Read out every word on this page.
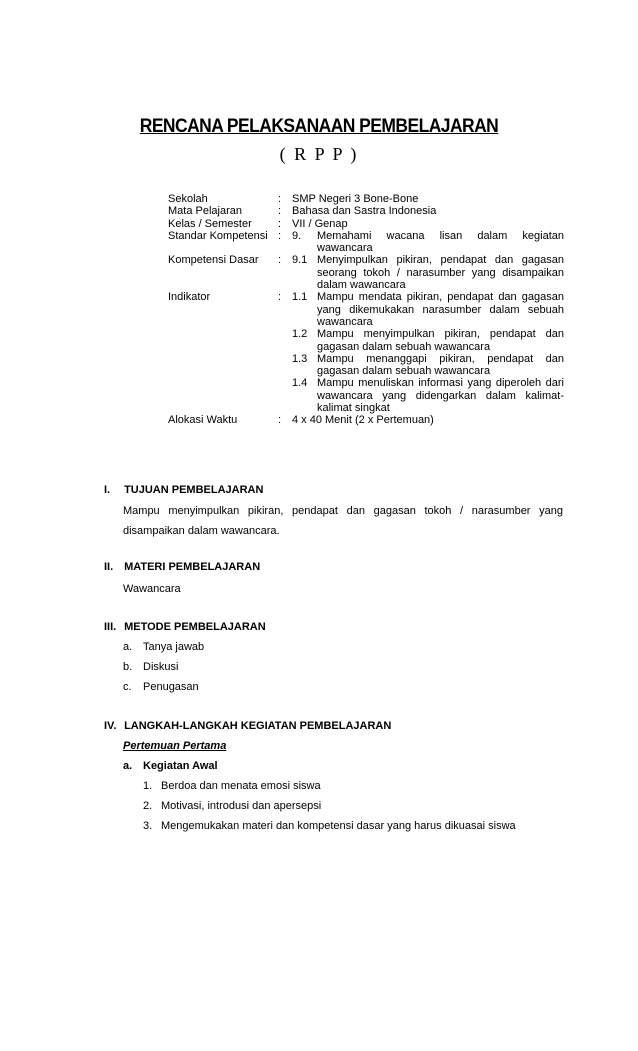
RENCANA PELAKSANAAN PEMBELAJARAN
( R P P )
Sekolah	: SMP Negeri 3 Bone-Bone
Mata Pelajaran	: Bahasa dan Sastra Indonesia
Kelas / Semester	: VII / Genap
Standar Kompetensi : 9.	Memahami wacana lisan dalam kegiatan wawancara
Kompetensi Dasar	: 9.1 Menyimpulkan pikiran, pendapat dan gagasan seorang tokoh / narasumber yang disampaikan dalam wawancara
Indikator	: 1.1 Mampu mendata pikiran, pendapat dan gagasan yang dikemukakan narasumber dalam sebuah wawancara
1.2 Mampu menyimpulkan pikiran, pendapat dan gagasan dalam sebuah wawancara
1.3 Mampu menanggapi pikiran, pendapat dan gagasan dalam sebuah wawancara
1.4 Mampu menuliskan informasi yang diperoleh dari wawancara yang didengarkan dalam kalimat-kalimat singkat
Alokasi Waktu	: 4 x 40 Menit (2 x Pertemuan)
I. TUJUAN PEMBELAJARAN
Mampu menyimpulkan pikiran, pendapat dan gagasan tokoh / narasumber yang disampaikan dalam wawancara.
II. MATERI PEMBELAJARAN
Wawancara
III. METODE PEMBELAJARAN
a. Tanya jawab
b. Diskusi
c. Penugasan
IV. LANGKAH-LANGKAH KEGIATAN PEMBELAJARAN
Pertemuan Pertama
a. Kegiatan Awal
1. Berdoa dan menata emosi siswa
2. Motivasi, introdusi dan apersepsi
3. Mengemukakan materi dan kompetensi dasar yang harus dikuasai siswa
